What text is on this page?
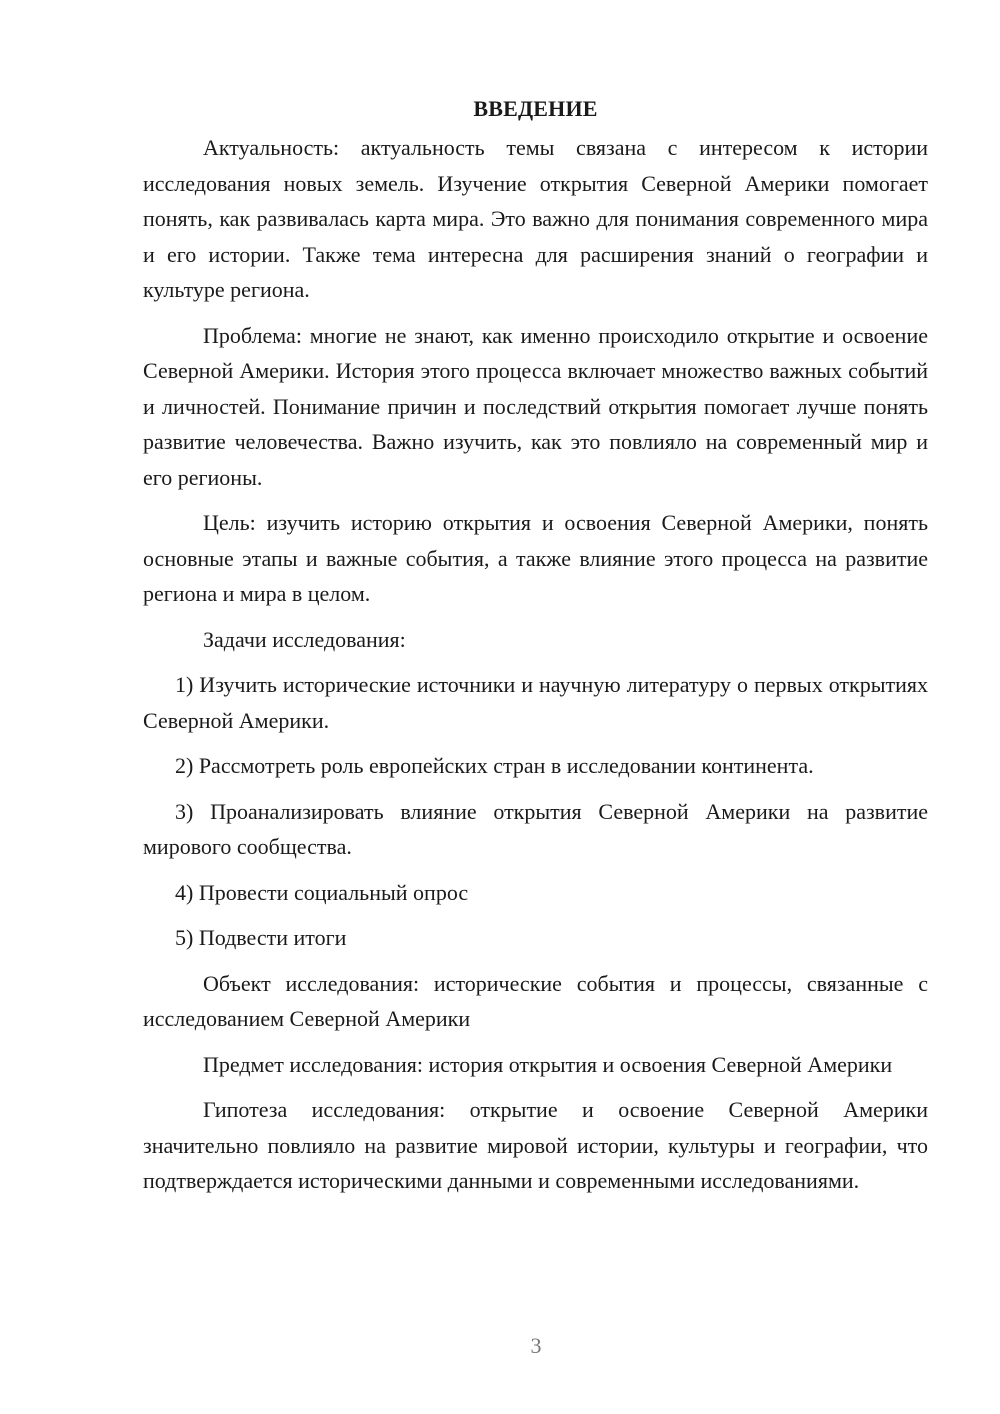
ВВЕДЕНИЕ

Актуальность: актуальность темы связана с интересом к истории исследования новых земель. Изучение открытия Северной Америки помогает понять, как развивалась карта мира. Это важно для понимания современного мира и его истории. Также тема интересна для расширения знаний о географии и культуре региона.

Проблема: многие не знают, как именно происходило открытие и освоение Северной Америки. История этого процесса включает множество важных событий и личностей. Понимание причин и последствий открытия помогает лучше понять развитие человечества. Важно изучить, как это повлияло на современный мир и его регионы.

Цель: изучить историю открытия и освоения Северной Америки, понять основные этапы и важные события, а также влияние этого процесса на развитие региона и мира в целом.

Задачи исследования:

1) Изучить исторические источники и научную литературу о первых открытиях Северной Америки.

2) Рассмотреть роль европейских стран в исследовании континента.

3) Проанализировать влияние открытия Северной Америки на развитие мирового сообщества.

4) Провести социальный опрос

5) Подвести итоги

Объект исследования: исторические события и процессы, связанные с исследованием Северной Америки

Предмет исследования: история открытия и освоения Северной Америки

Гипотеза исследования: открытие и освоение Северной Америки значительно повлияло на развитие мировой истории, культуры и географии, что подтверждается историческими данными и современными исследованиями.

3
